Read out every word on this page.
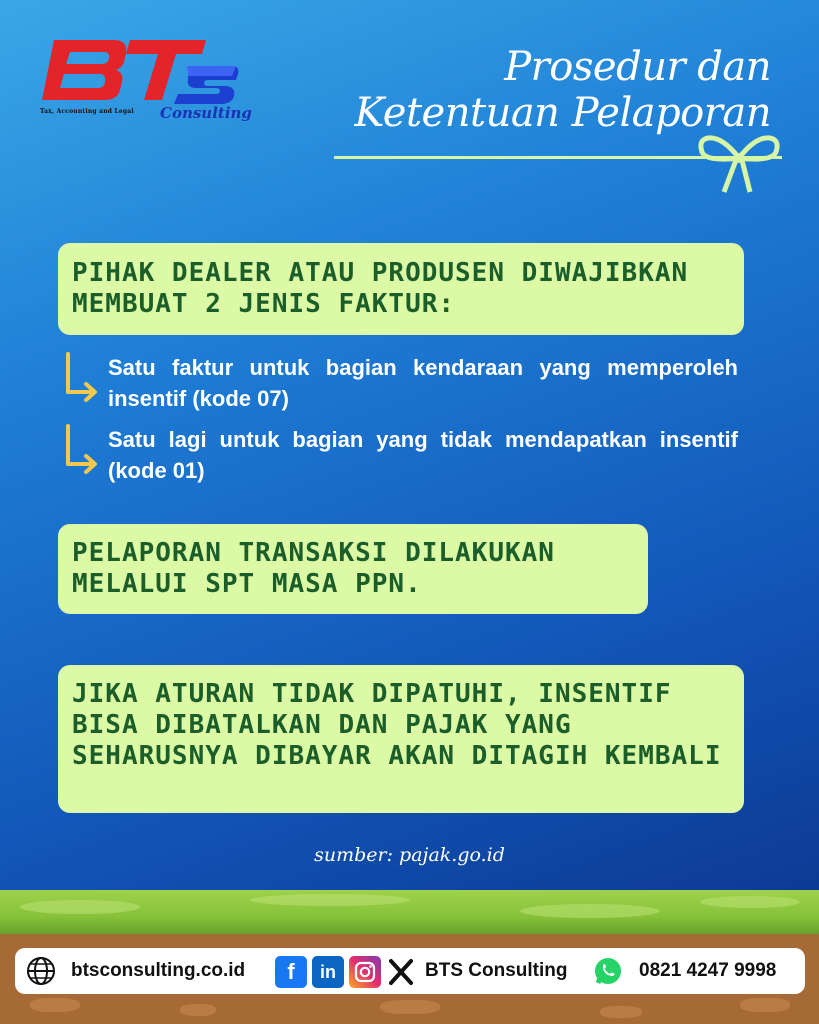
Tax, Accounting and Legal Consulting
Prosedur dan
Ketentuan Pelaporan
PIHAK DEALER ATAU PRODUSEN DIWAJIBKAN MEMBUAT 2 JENIS FAKTUR:
Satu faktur untuk bagian kendaraan yang memperoleh insentif (kode 07)
Satu lagi untuk bagian yang tidak mendapatkan insentif (kode 01)
PELAPORAN TRANSAKSI DILAKUKAN MELALUI SPT MASA PPN.
JIKA ATURAN TIDAK DIPATUHI, INSENTIF BISA DIBATALKAN DAN PAJAK YANG SEHARUSNYA DIBAYAR AKAN DITAGIH KEMBALI
sumber: pajak.go.id
btsconsulting.co.id	f	in	BTS Consulting	0821 4247 9998
